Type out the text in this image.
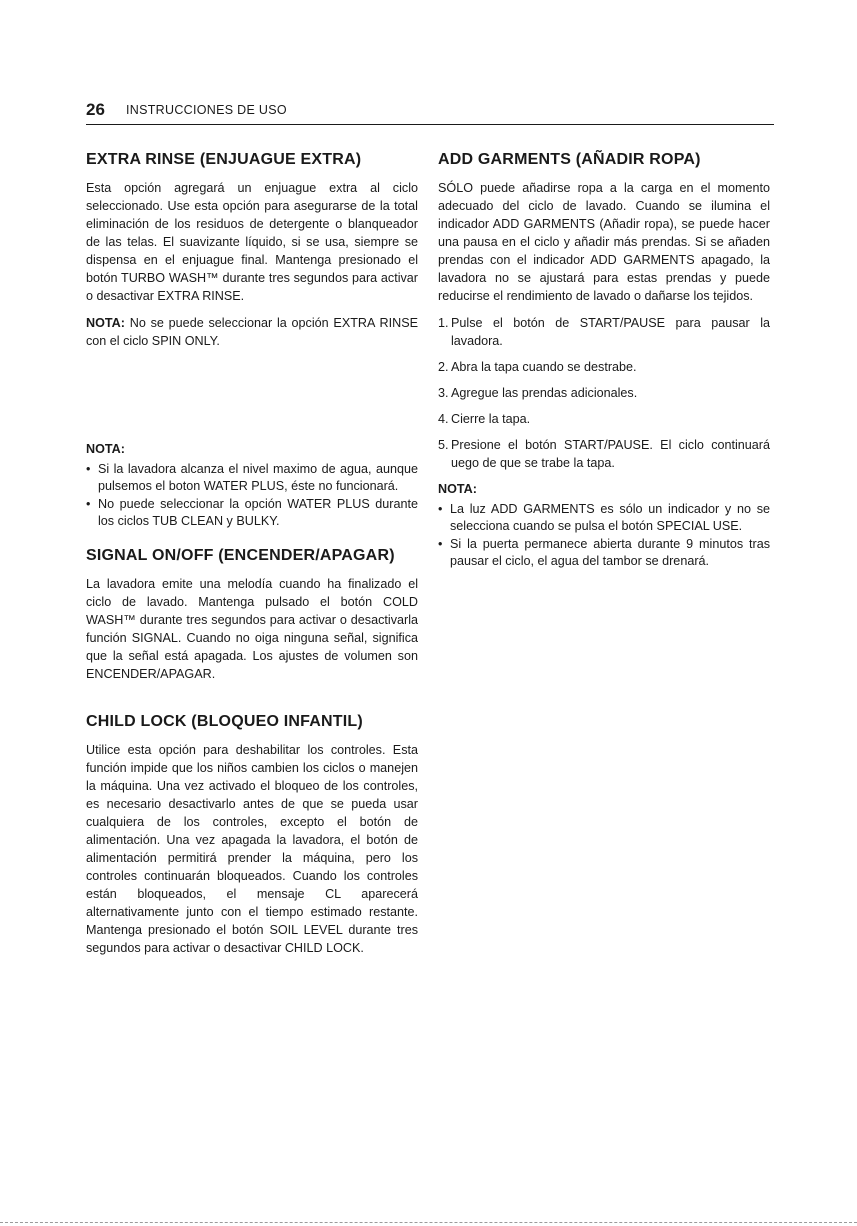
26 INSTRUCCIONES DE USO
EXTRA RINSE (ENJUAGUE EXTRA)

Esta opción agregará un enjuague extra al ciclo seleccionado. Use esta opción para asegurarse de la total eliminación de los residuos de detergente o blanqueador de las telas. El suavizante líquido, si se usa, siempre se dispensa en el enjuague final. Mantenga presionado el botón TURBO WASH™ durante tres segundos para activar o desactivar EXTRA RINSE.

NOTA: No se puede seleccionar la opción EXTRA RINSE con el ciclo SPIN ONLY.

NOTA:
• Si la lavadora alcanza el nivel maximo de agua, aunque pulsemos el boton WATER PLUS, éste no funcionará.
• No puede seleccionar la opción WATER PLUS durante los ciclos TUB CLEAN y BULKY.
SIGNAL ON/OFF (ENCENDER/APAGAR)

La lavadora emite una melodía cuando ha finalizado el ciclo de lavado. Mantenga pulsado el botón COLD WASH™ durante tres segundos para activar o desactivarla función SIGNAL. Cuando no oiga ninguna señal, significa que la señal está apagada. Los ajustes de volumen son ENCENDER/APAGAR.

CHILD LOCK (BLOQUEO INFANTIL)

Utilice esta opción para deshabilitar los controles. Esta función impide que los niños cambien los ciclos o manejen la máquina. Una vez activado el bloqueo de los controles, es necesario desactivarlo antes de que se pueda usar cualquiera de los controles, excepto el botón de alimentación. Una vez apagada la lavadora, el botón de alimentación permitirá prender la máquina, pero los controles continuarán bloqueados. Cuando los controles están bloqueados, el mensaje CL aparecerá alternativamente junto con el tiempo estimado restante. Mantenga presionado el botón SOIL LEVEL durante tres segundos para activar o desactivar CHILD LOCK.

ADD GARMENTS (AÑADIR ROPA)

SÓLO puede añadirse ropa a la carga en el momento adecuado del ciclo de lavado. Cuando se ilumina el indicador ADD GARMENTS (Añadir ropa), se puede hacer una pausa en el ciclo y añadir más prendas. Si se añaden prendas con el indicador ADD GARMENTS apagado, la lavadora no se ajustará para estas prendas y puede reducirse el rendimiento de lavado o dañarse los tejidos.

1. Pulse el botón de START/PAUSE para pausar la lavadora.
2. Abra la tapa cuando se destrabe.
3. Agregue las prendas adicionales.
4. Cierre la tapa.
5. Presione el botón START/PAUSE. El ciclo continuará uego de que se trabe la tapa.
NOTA:
• La luz ADD GARMENTS es sólo un indicador y no se selecciona cuando se pulsa el botón SPECIAL USE.
• Si la puerta permanece abierta durante 9 minutos tras pausar el ciclo, el agua del tambor se drenará.
